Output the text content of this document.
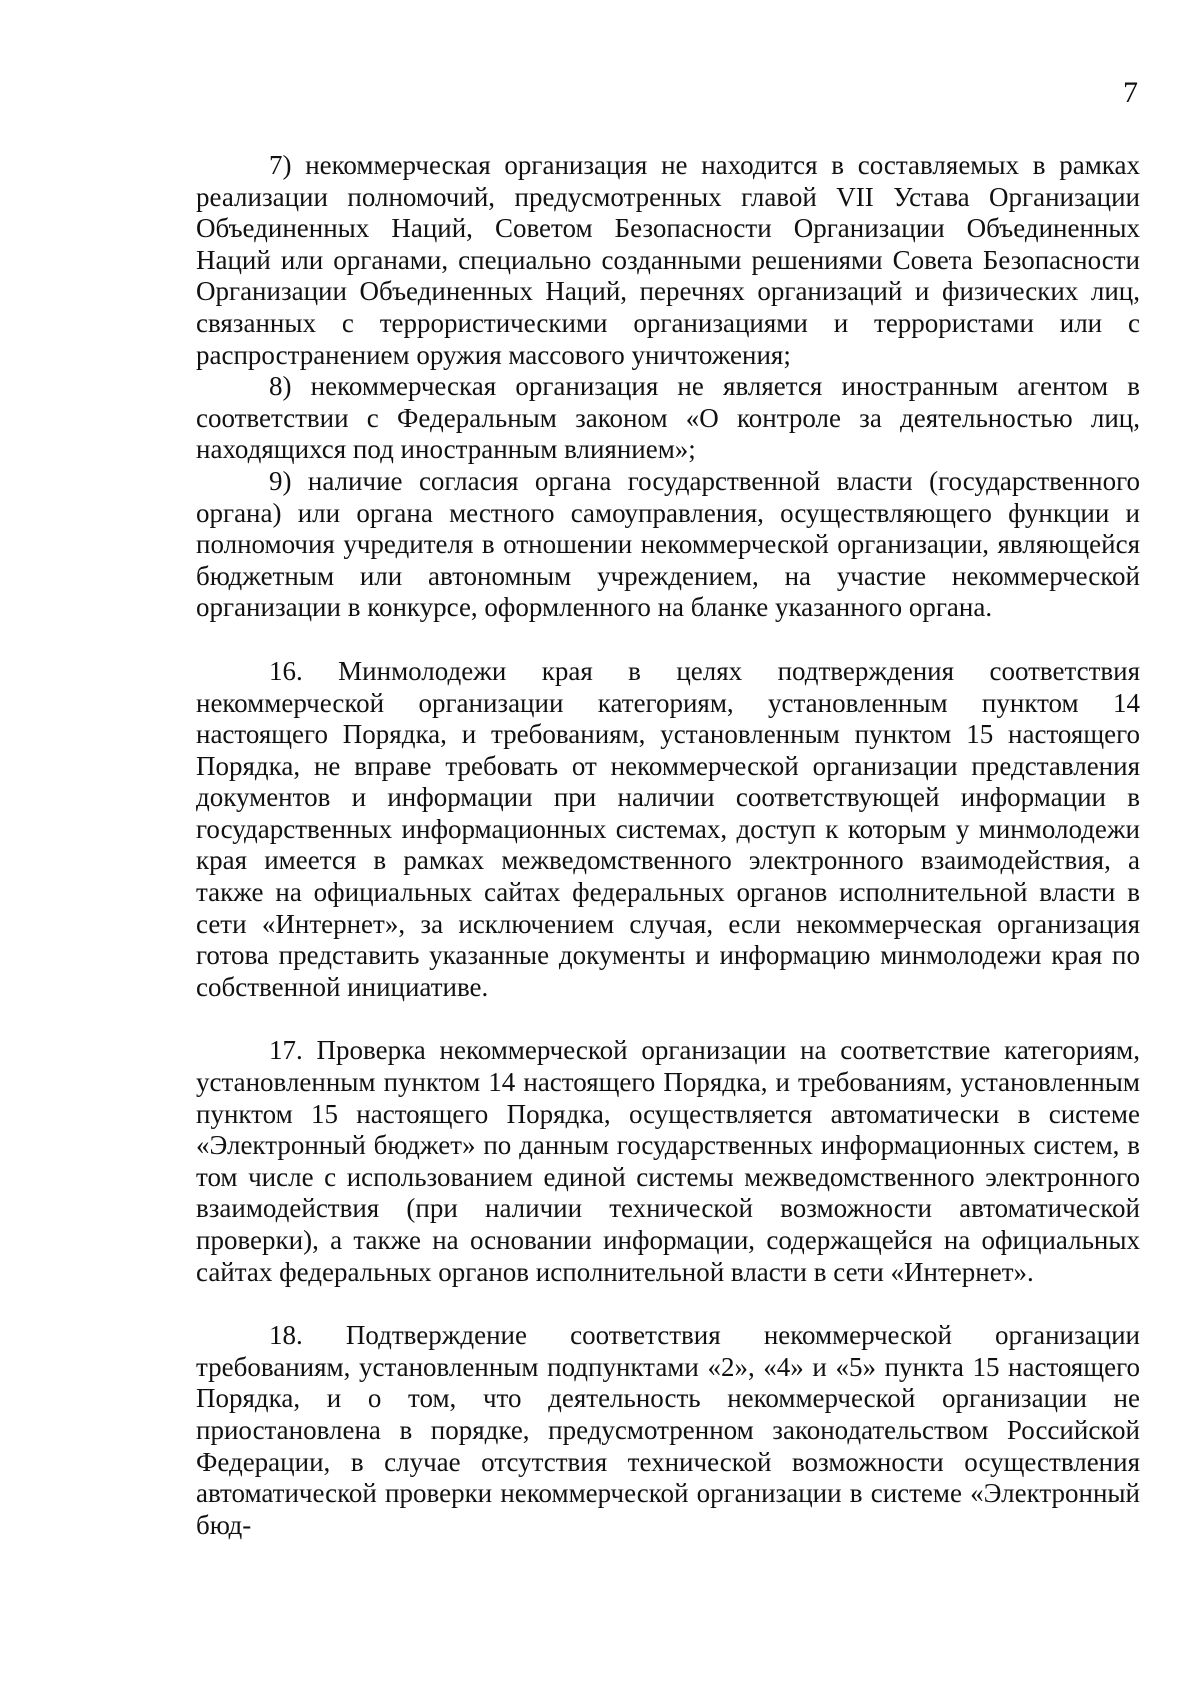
7

7) некоммерческая организация не находится в составляемых в рамках реализации полномочий, предусмотренных главой VII Устава Организации Объединенных Наций, Советом Безопасности Организации Объединенных Наций или органами, специально созданными решениями Совета Безопасности Организации Объединенных Наций, перечнях организаций и физических лиц, связанных с террористическими организациями и террористами или с распространением оружия массового уничтожения;

8) некоммерческая организация не является иностранным агентом в соответствии с Федеральным законом «О контроле за деятельностью лиц, находящихся под иностранным влиянием»;

9) наличие согласия органа государственной власти (государственного органа) или органа местного самоуправления, осуществляющего функции и полномочия учредителя в отношении некоммерческой организации, являющейся бюджетным или автономным учреждением, на участие некоммерческой организации в конкурсе, оформленного на бланке указанного органа.

16. Минмолодежи края в целях подтверждения соответствия некоммерческой организации категориям, установленным пунктом 14 настоящего Порядка, и требованиям, установленным пунктом 15 настоящего Порядка, не вправе требовать от некоммерческой организации представления документов и информации при наличии соответствующей информации в государственных информационных системах, доступ к которым у минмолодежи края имеется в рамках межведомственного электронного взаимодействия, а также на официальных сайтах федеральных органов исполнительной власти в сети «Интернет», за исключением случая, если некоммерческая организация готова представить указанные документы и информацию минмолодежи края по собственной инициативе.

17. Проверка некоммерческой организации на соответствие категориям, установленным пунктом 14 настоящего Порядка, и требованиям, установленным пунктом 15 настоящего Порядка, осуществляется автоматически в системе «Электронный бюджет» по данным государственных информационных систем, в том числе с использованием единой системы межведомственного электронного взаимодействия (при наличии технической возможности автоматической проверки), а также на основании информации, содержащейся на официальных сайтах федеральных органов исполнительной власти в сети «Интернет».

18. Подтверждение соответствия некоммерческой организации требованиям, установленным подпунктами «2», «4» и «5» пункта 15 настоящего Порядка, и о том, что деятельность некоммерческой организации не приостановлена в порядке, предусмотренном законодательством Российской Федерации, в случае отсутствия технической возможности осуществления автоматической проверки некоммерческой организации в системе «Электронный бюд-
